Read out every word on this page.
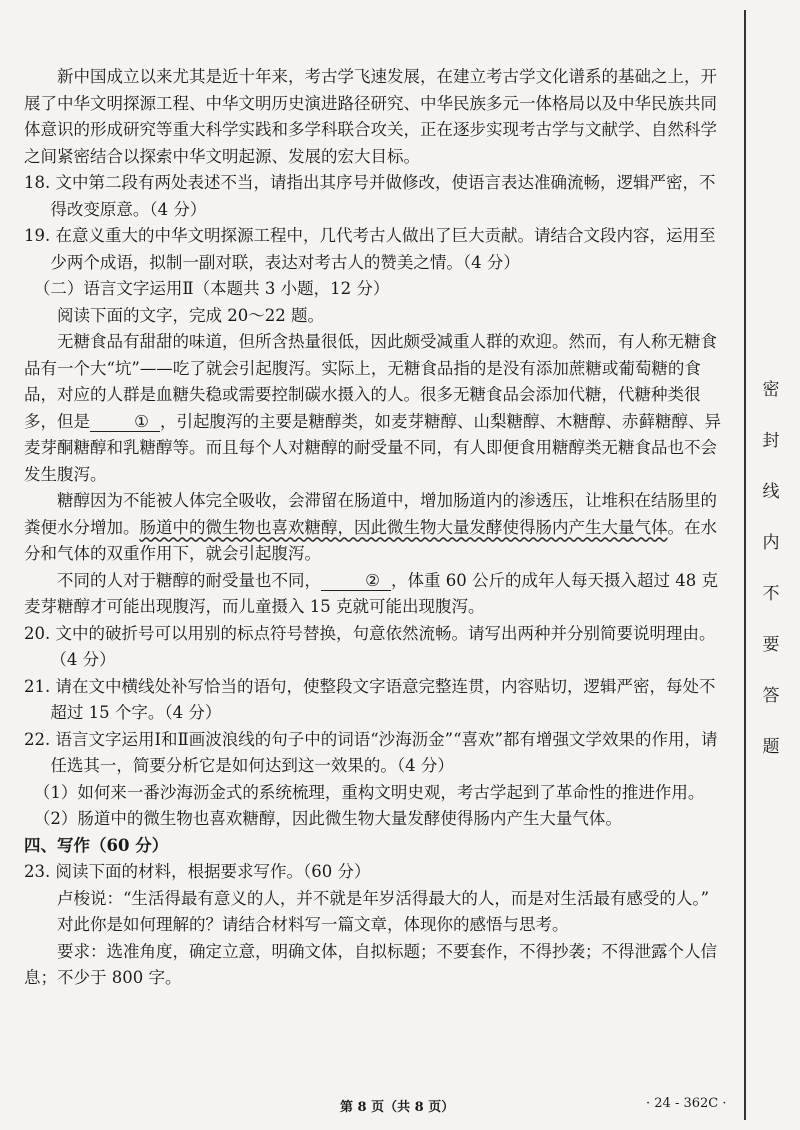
新中国成立以来尤其是近十年来，考古学飞速发展，在建立考古学文化谱系的基础之上，开展了中华文明探源工程、中华文明历史演进路径研究、中华民族多元一体格局以及中华民族共同体意识的形成研究等重大科学实践和多学科联合攻关，正在逐步实现考古学与文献学、自然科学之间紧密结合以探索中华文明起源、发展的宏大目标。

18. 文中第二段有两处表述不当，请指出其序号并做修改，使语言表达准确流畅，逻辑严密，不得改变原意。（4 分）

19. 在意义重大的中华文明探源工程中，几代考古人做出了巨大贡献。请结合文段内容，运用至少两个成语，拟制一副对联，表达对考古人的赞美之情。（4 分）

（二）语言文字运用Ⅱ（本题共 3 小题，12 分）

阅读下面的文字，完成 20～22 题。

无糖食品有甜甜的味道，但所含热量很低，因此颇受减重人群的欢迎。然而，有人称无糖食品有一个大“坑”——吃了就会引起腹泻。实际上，无糖食品指的是没有添加蔗糖或葡萄糖的食品，对应的人群是血糖失稳或需要控制碳水摄入的人。很多无糖食品会添加代糖，代糖种类很多，但是	① ，引起腹泻的主要是糖醇类，如麦芽糖醇、山梨糖醇、木糖醇、赤藓糖醇、异麦芽酮糖醇和乳糖醇等。而且每个人对糖醇的耐受量不同，有人即便食用糖醇类无糖食品也不会发生腹泻。

糖醇因为不能被人体完全吸收，会滞留在肠道中，增加肠道内的渗透压，让堆积在结肠里的粪便水分增加。肠道中的微生物也喜欢糖醇，因此微生物大量发酵使得肠内产生大量气体。在水分和气体的双重作用下，就会引起腹泻。

不同的人对于糖醇的耐受量也不同，	② ，体重 60 公斤的成年人每天摄入超过 48 克麦芽糖醇才可能出现腹泻，而儿童摄入 15 克就可能出现腹泻。

20. 文中的破折号可以用别的标点符号替换，句意依然流畅。请写出两种并分别简要说明理由。（4 分）

21. 请在文中横线处补写恰当的语句，使整段文字语意完整连贯，内容贴切，逻辑严密，每处不超过 15 个字。（4 分）

22. 语言文字运用Ⅰ和Ⅱ画波浪线的句子中的词语“沙海沥金”“喜欢”都有增强文学效果的作用，请任选其一，简要分析它是如何达到这一效果的。（4 分）

（1）如何来一番沙海沥金式的系统梳理，重构文明史观，考古学起到了革命性的推进作用。

（2）肠道中的微生物也喜欢糖醇，因此微生物大量发酵使得肠内产生大量气体。

四、写作（60 分）

23. 阅读下面的材料，根据要求写作。（60 分）

卢梭说：“生活得最有意义的人，并不就是年岁活得最大的人，而是对生活最有感受的人。”

对此你是如何理解的？请结合材料写一篇文章，体现你的感悟与思考。

要求：选准角度，确定立意，明确文体，自拟标题；不要套作，不得抄袭；不得泄露个人信息；不少于 800 字。

密
封
线
内
不
要
答
题
第 8 页（共 8 页）	· 24 - 362C ·
